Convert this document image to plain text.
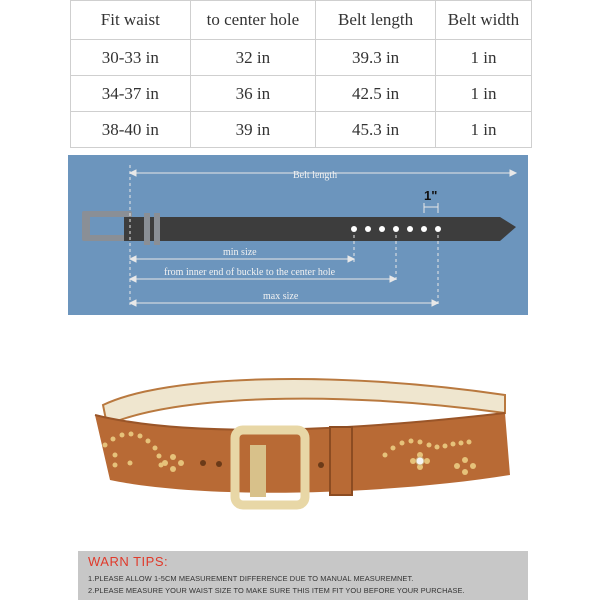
Fit waist	to center hole	Belt length	Belt width
30-33 in	32 in	39.3 in	1 in
34-37 in	36 in	42.5 in	1 in
38-40 in	39 in	45.3 in	1 in
Belt length
1"
min size
from inner end of buckle to the center hole
max size
WARN TIPS:
1.PLEASE ALLOW 1-5CM MEASUREMENT DIFFERENCE DUE TO MANUAL MEASUREMNET.
2.PLEASE MEASURE YOUR WAIST SIZE TO MAKE SURE THIS ITEM FIT YOU BEFORE YOUR PURCHASE.
